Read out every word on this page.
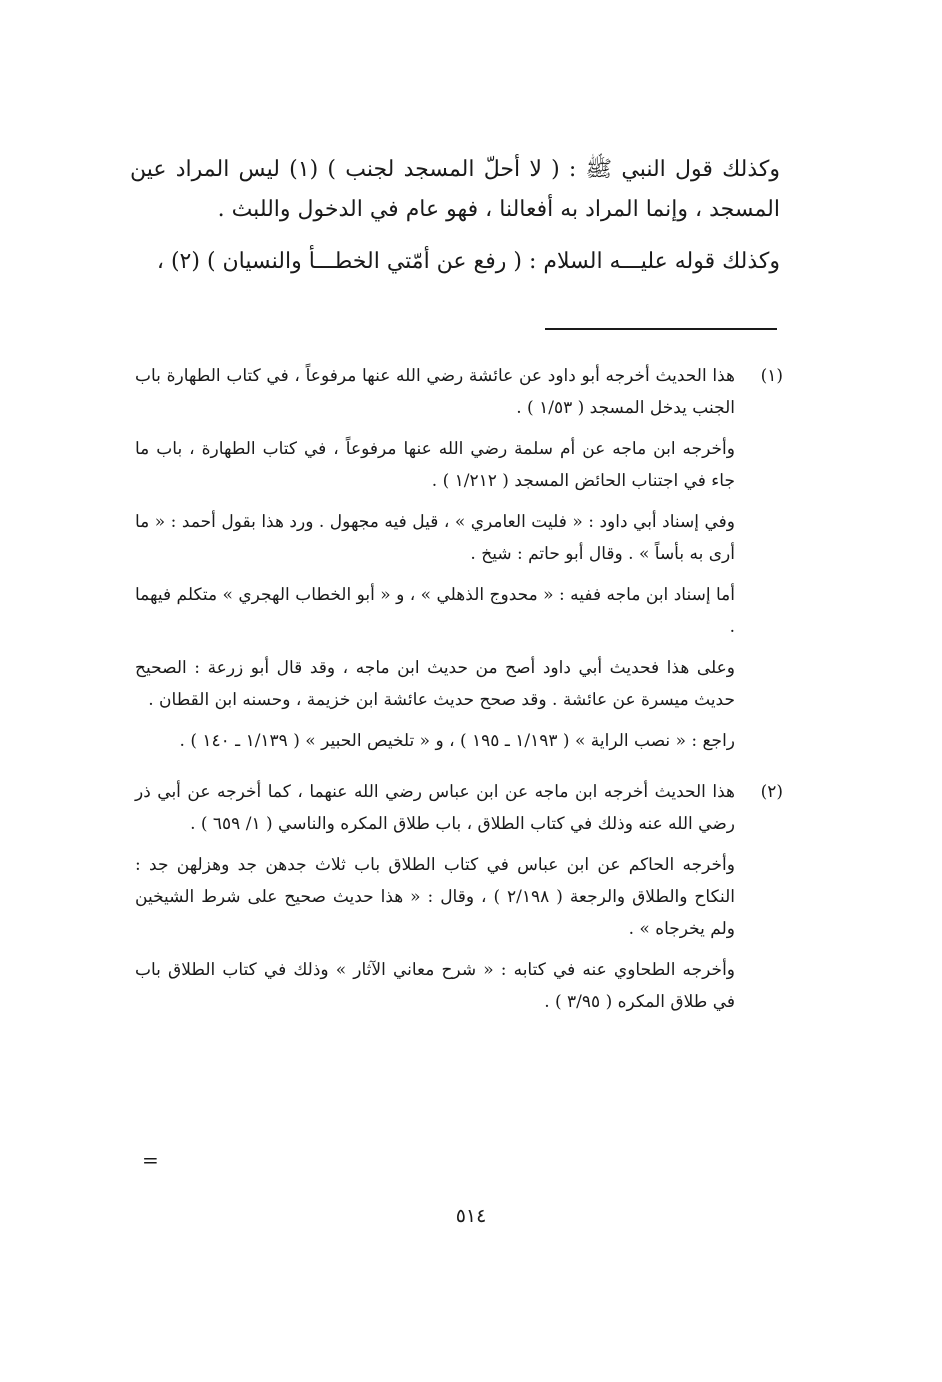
وكذلك قول النبي ﷺ : ( لا أحلّ المسجد لجنب ) (١) ليس المراد عين المسجد ، وإنما المراد به أفعالنا ، فهو عام في الدخول واللبث .

وكذلك قوله عليـــه السلام : ( رفع عن أمّتي الخطـــأ والنسيان ) (٢) ،

(١)

هذا الحديث أخرجه أبو داود عن عائشة رضي الله عنها مرفوعاً ، في كتاب الطهارة باب الجنب يدخل المسجد ( ١/٥٣ ) .

وأخرجه ابن ماجه عن أم سلمة رضي الله عنها مرفوعاً ، في كتاب الطهارة ، باب ما جاء في اجتناب الحائض المسجد ( ١/٢١٢ ) .

وفي إسناد أبي داود : « فليت العامري » ، قيل فيه مجهول . ورد هذا بقول أحمد : « ما أرى به بأساً » . وقال أبو حاتم : شيخ .

أما إسناد ابن ماجه ففيه : « محدوج الذهلي » ، و « أبو الخطاب الهجري » متكلم فيهما .

وعلى هذا فحديث أبي داود أصح من حديث ابن ماجه ، وقد قال أبو زرعة : الصحيح حديث ميسرة عن عائشة . وقد صحح حديث عائشة ابن خزيمة ، وحسنه ابن القطان .

راجع : « نصب الراية » ( ١/١٩٣ ـ ١٩٥ ) ، و « تلخيص الحبير » ( ١/١٣٩ ـ ١٤٠ ) .

(٢)

هذا الحديث أخرجه ابن ماجه عن ابن عباس رضي الله عنهما ، كما أخرجه عن أبي ذر رضي الله عنه وذلك في كتاب الطلاق ، باب طلاق المكره والناسي ( ١/ ٦٥٩ ) .

وأخرجه الحاكم عن ابن عباس في كتاب الطلاق باب ثلاث جدهن جد وهزلهن جد : النكاح والطلاق والرجعة ( ٢/١٩٨ ) ، وقال : « هذا حديث صحيح على شرط الشيخين ولم يخرجاه » .

وأخرجه الطحاوي عنه في كتابه : « شرح معاني الآثار » وذلك في كتاب الطلاق باب في طلاق المكره ( ٣/٩٥ ) .

=
٥١٤
